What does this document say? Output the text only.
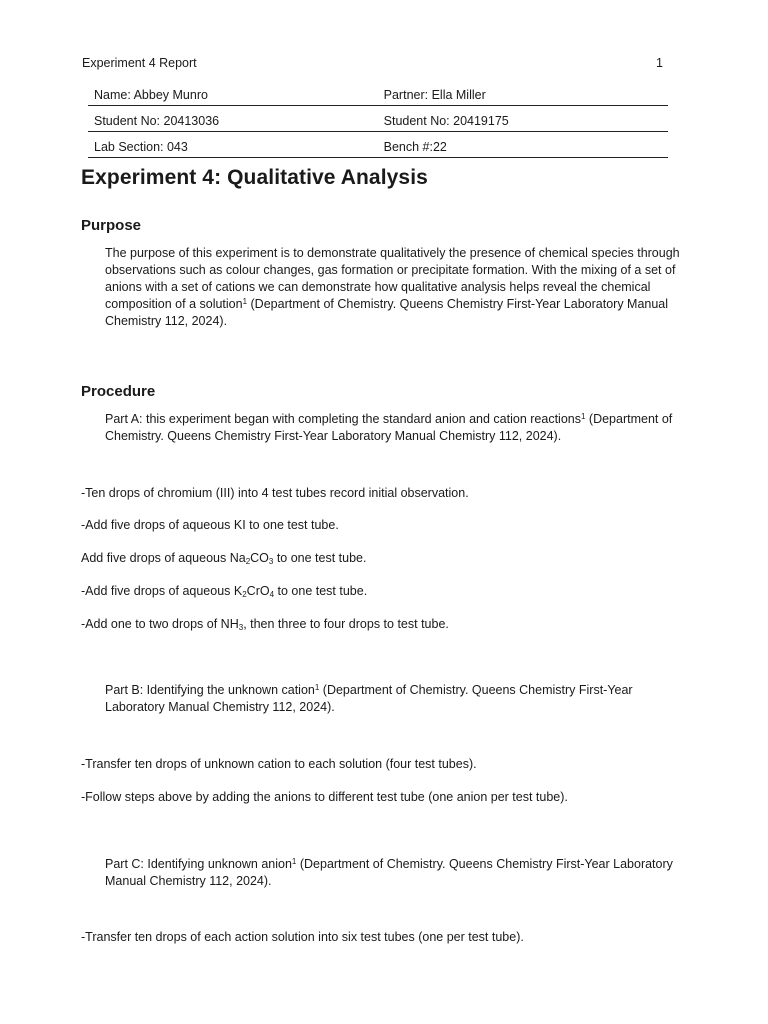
Experiment 4 Report	1
Name: Abbey Munro	Partner: Ella Miller
Student No: 20413036	Student No: 20419175
Lab Section: 043	Bench #:22
Experiment 4: Qualitative Analysis
Purpose

The purpose of this experiment is to demonstrate qualitatively the presence of chemical species through observations such as colour changes, gas formation or precipitate formation. With the mixing of a set of anions with a set of cations we can demonstrate how qualitative analysis helps reveal the chemical composition of a solution$^1$ (Department of Chemistry. Queens Chemistry First-Year Laboratory Manual Chemistry 112, 2024).

Procedure

Part A: this experiment began with completing the standard anion and cation reactions$^1$ (Department of Chemistry. Queens Chemistry First-Year Laboratory Manual Chemistry 112, 2024).

-Ten drops of chromium (III) into 4 test tubes record initial observation.

-Add five drops of aqueous KI to one test tube.

Add five drops of aqueous $Na_2CO_3$ to one test tube.

-Add five drops of aqueous $K_2CrO_4$ to one test tube.

-Add one to two drops of $NH_3$, then three to four drops to test tube.

Part B: Identifying the unknown cation$^1$ (Department of Chemistry. Queens Chemistry First-Year Laboratory Manual Chemistry 112, 2024).

-Transfer ten drops of unknown cation to each solution (four test tubes).

-Follow steps above by adding the anions to different test tube (one anion per test tube).

Part C: Identifying unknown anion$^1$ (Department of Chemistry. Queens Chemistry First-Year Laboratory Manual Chemistry 112, 2024).

-Transfer ten drops of each action solution into six test tubes (one per test tube).
